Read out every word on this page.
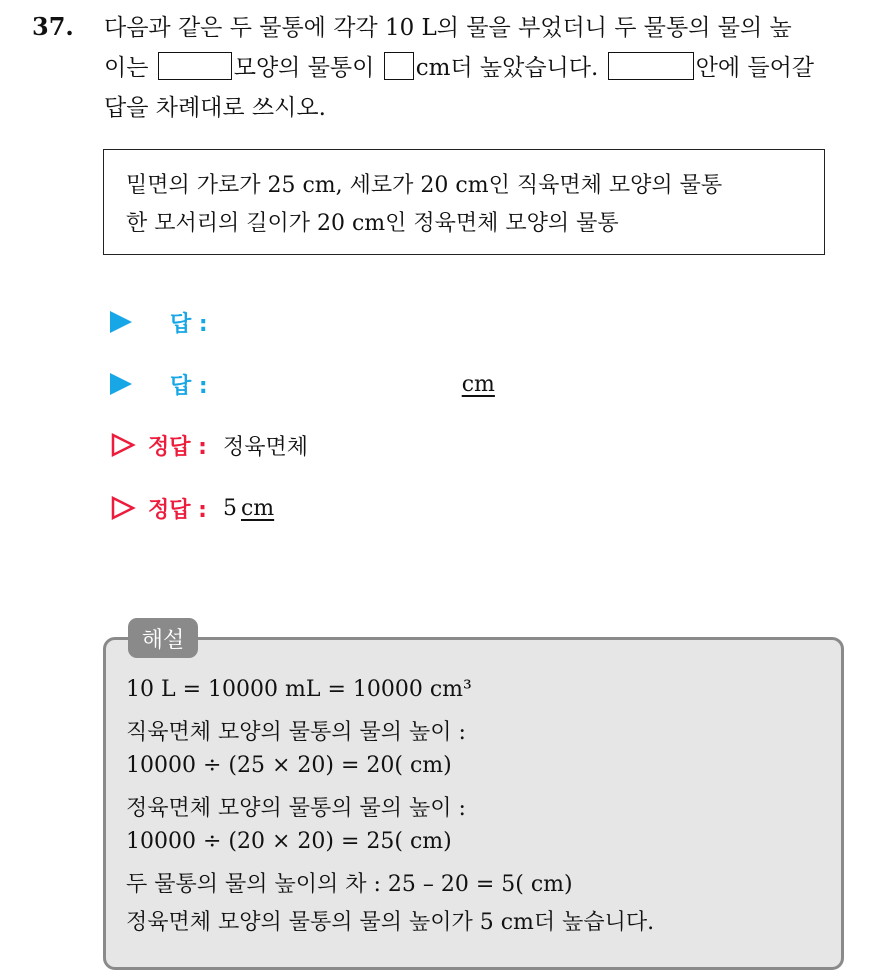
37. 다음과 같은 두 물통에 각각 10 L의 물을 부었더니 두 물통의 물의 높
이는	모양의 물통이 cm더 높았습니다.	안에 들어갈
답을 차례대로 쓰시오.
밑면의 가로가 25 cm, 세로가 20 cm인 직육면체 모양의 물통
한 모서리의 길이가 20 cm인 정육면체 모양의 물통
답 :
답 :	cm
정답 : 정육면체
정답 : 5 cm
해설
10 L = 10000 mL = 10000 cm³
직육면체 모양의 물통의 물의 높이 :
10000 ÷ (25 × 20) = 20( cm)
정육면체 모양의 물통의 물의 높이 :
10000 ÷ (20 × 20) = 25( cm)
두 물통의 물의 높이의 차 : 25 – 20 = 5( cm)
정육면체 모양의 물통의 물의 높이가 5 cm더 높습니다.
